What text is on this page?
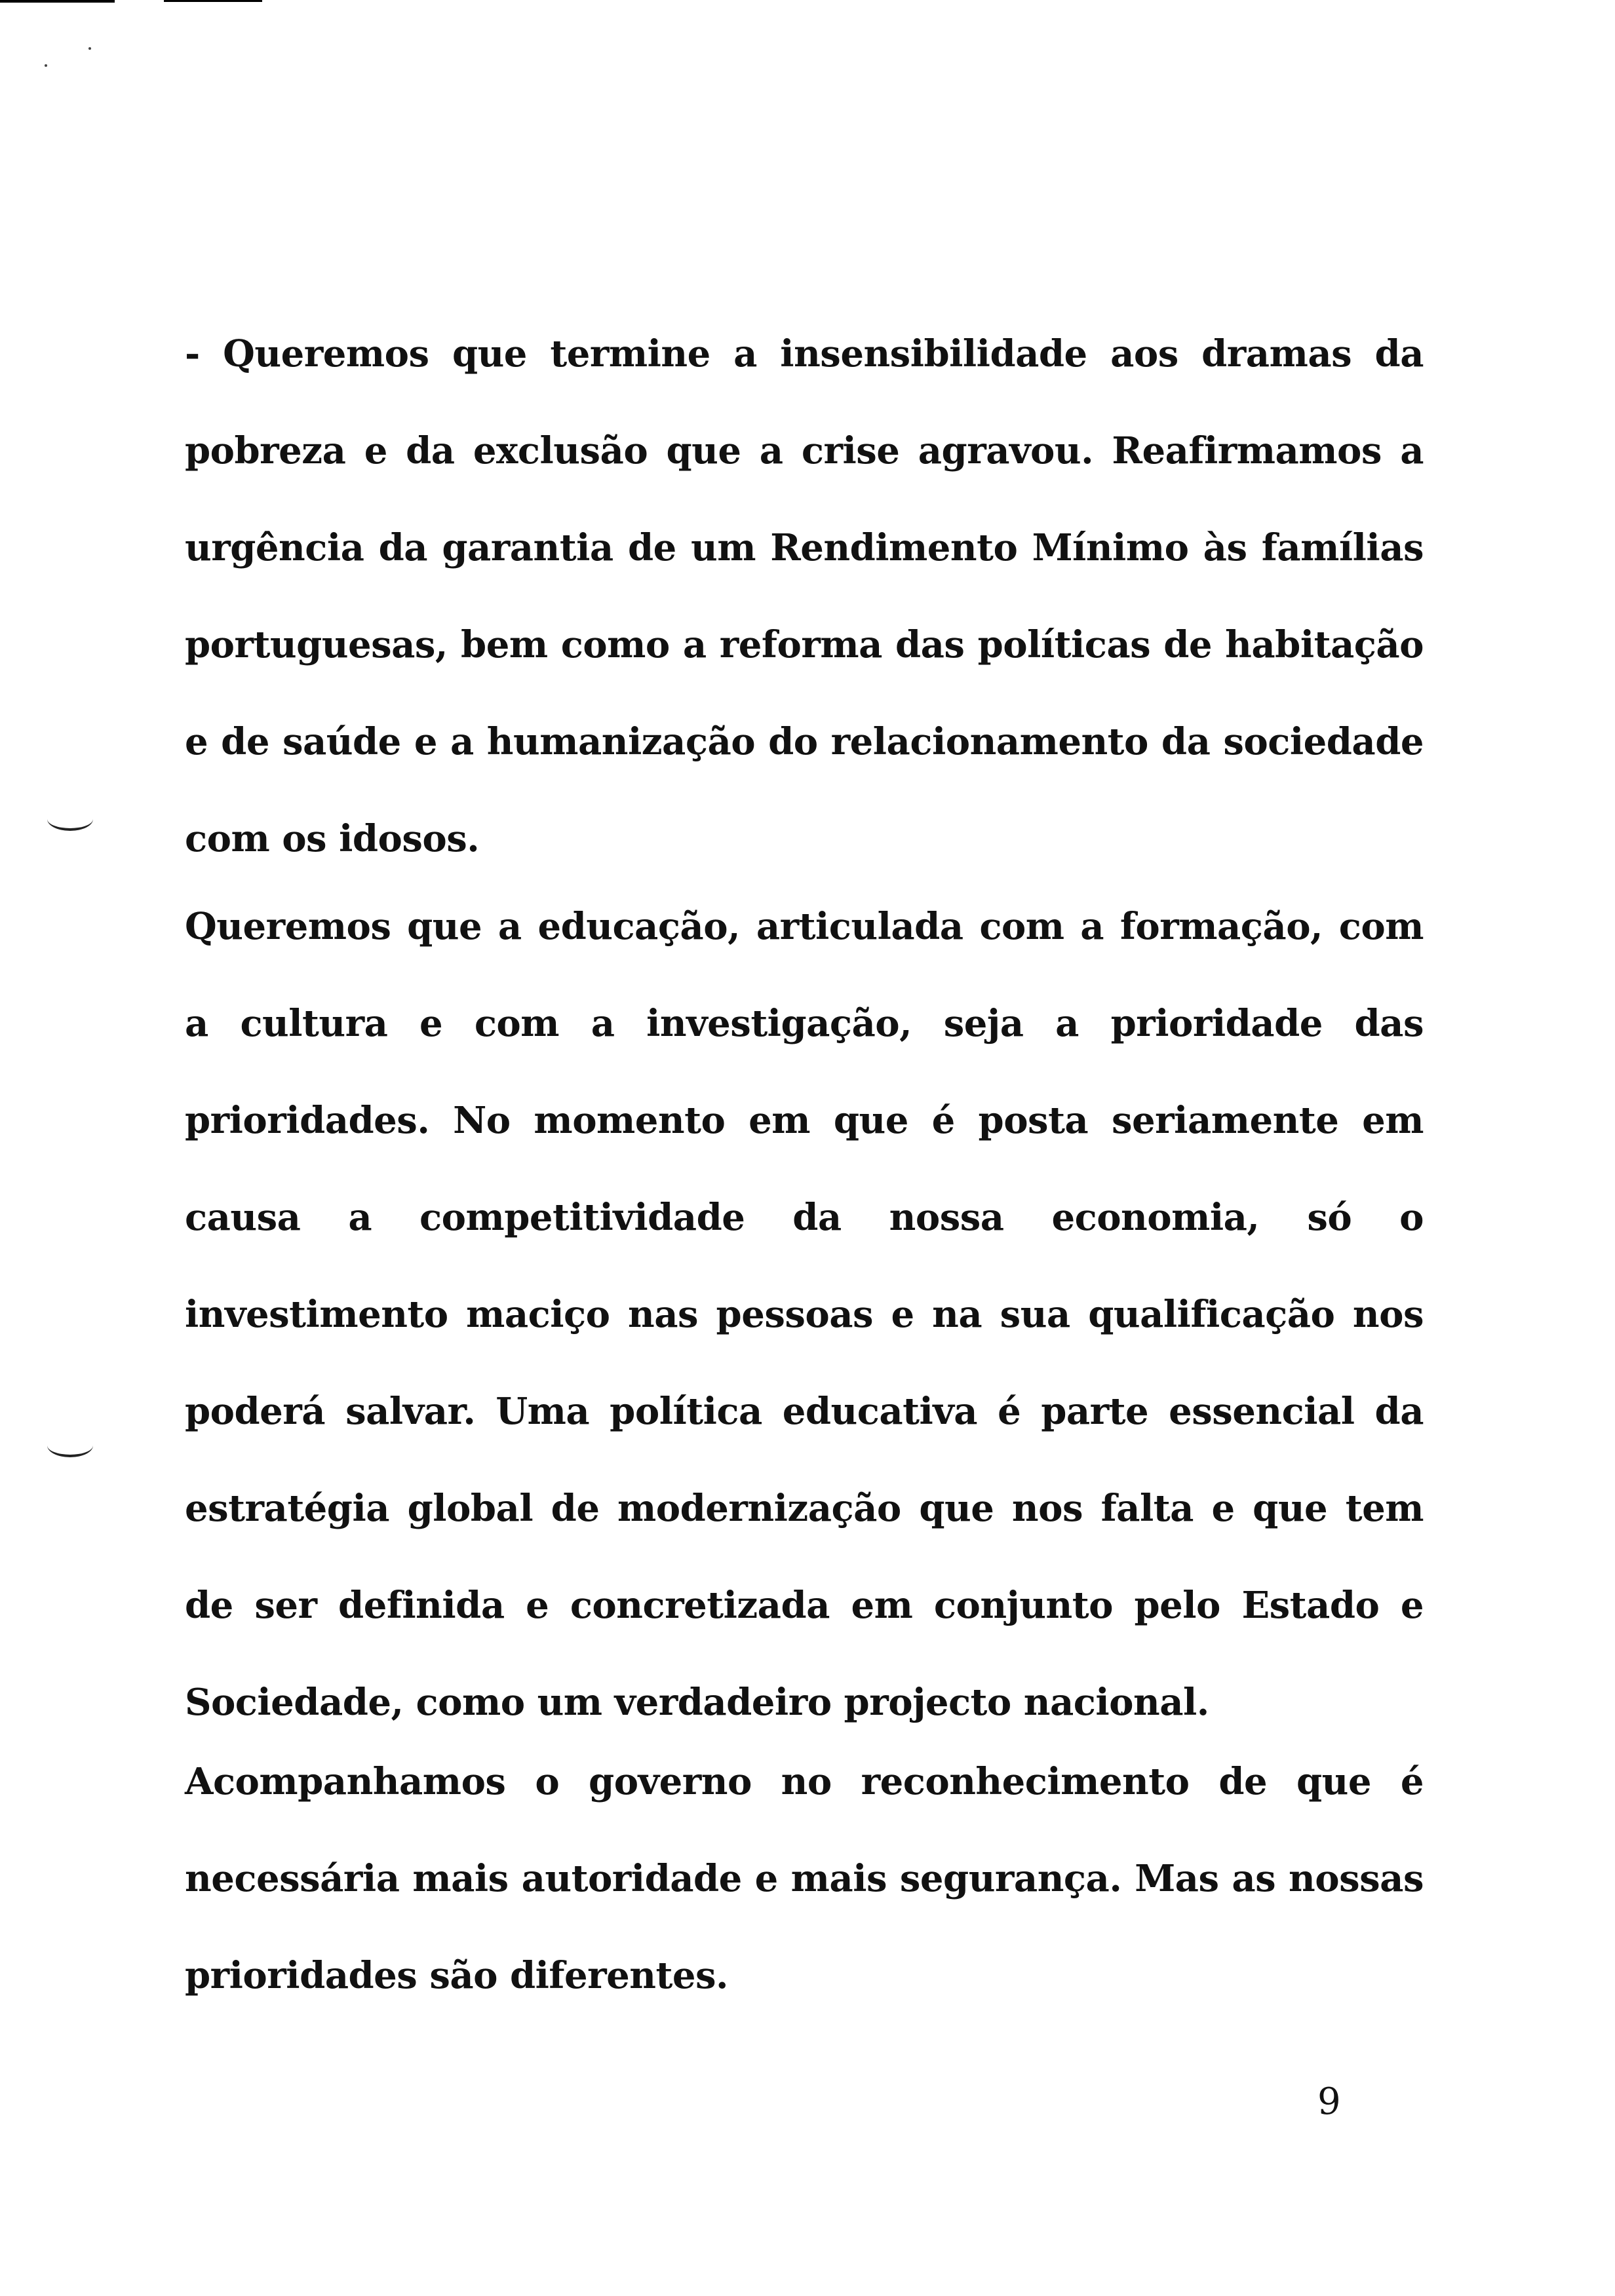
- Queremos que termine a insensibilidade aos dramas da pobreza e da exclusão que a crise agravou. Reafirmamos a urgência da garantia de um Rendimento Mínimo às famílias portuguesas, bem como a reforma das políticas de habitação e de saúde e a humanização do relacionamento da sociedade com os idosos.

Queremos que a educação, articulada com a formação, com a cultura e com a investigação, seja a prioridade das prioridades. No momento em que é posta seriamente em causa a competitividade da nossa economia, só o investimento maciço nas pessoas e na sua qualificação nos poderá salvar. Uma política educativa é parte essencial da estratégia global de modernização que nos falta e que tem de ser definida e concretizada em conjunto pelo Estado e Sociedade, como um verdadeiro projecto nacional.

Acompanhamos o governo no reconhecimento de que é necessária mais autoridade e mais segurança. Mas as nossas prioridades são diferentes.

9
